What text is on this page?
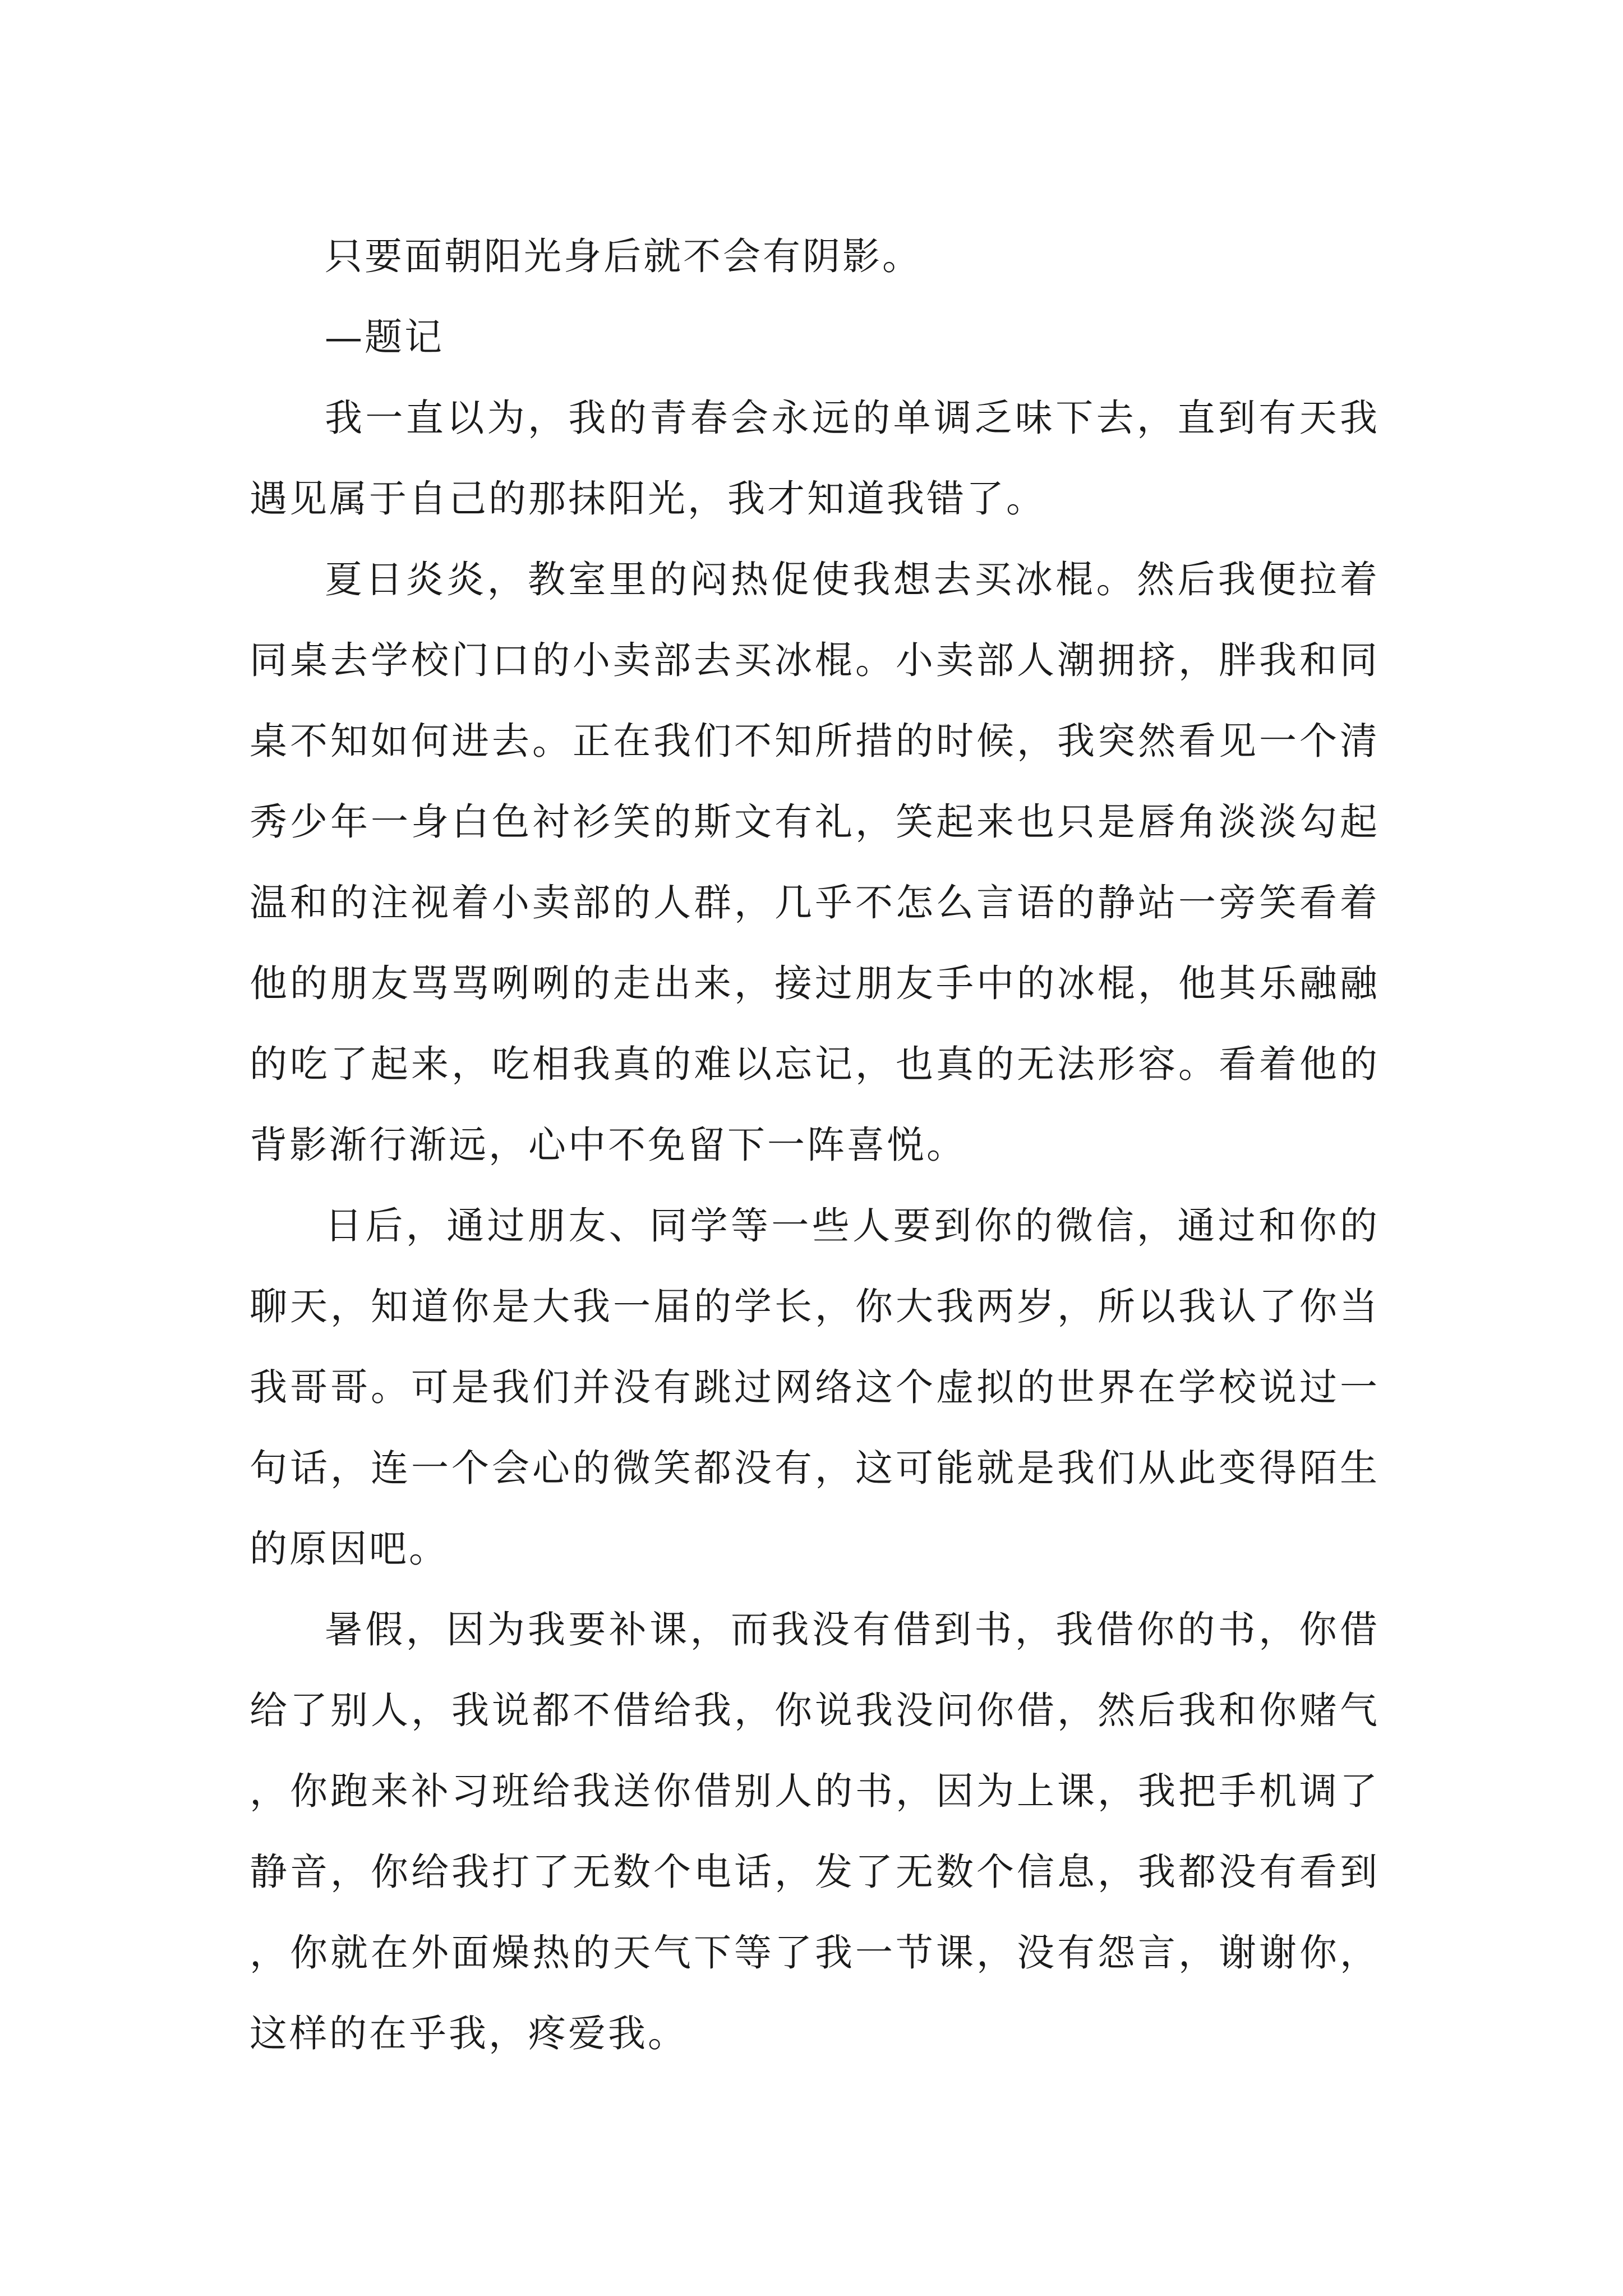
只要面朝阳光身后就不会有阴影。

—题记

我一直以为，我的青春会永远的单调乏味下去，直到有天我遇见属于自己的那抹阳光，我才知道我错了。

夏日炎炎，教室里的闷热促使我想去买冰棍。然后我便拉着同桌去学校门口的小卖部去买冰棍。小卖部人潮拥挤，胖我和同桌不知如何进去。正在我们不知所措的时候，我突然看见一个清秀少年一身白色衬衫笑的斯文有礼，笑起来也只是唇角淡淡勾起温和的注视着小卖部的人群，几乎不怎么言语的静站一旁笑看着他的朋友骂骂咧咧的走出来，接过朋友手中的冰棍，他其乐融融的吃了起来，吃相我真的难以忘记，也真的无法形容。看着他的背影渐行渐远，心中不免留下一阵喜悦。

日后，通过朋友、同学等一些人要到你的微信，通过和你的聊天，知道你是大我一届的学长，你大我两岁，所以我认了你当我哥哥。可是我们并没有跳过网络这个虚拟的世界在学校说过一句话，连一个会心的微笑都没有，这可能就是我们从此变得陌生的原因吧。

暑假，因为我要补课，而我没有借到书，我借你的书，你借给了别人，我说都不借给我，你说我没问你借，然后我和你赌气，你跑来补习班给我送你借别人的书，因为上课，我把手机调了静音，你给我打了无数个电话，发了无数个信息，我都没有看到，你就在外面燥热的天气下等了我一节课，没有怨言，谢谢你，这样的在乎我，疼爱我。
